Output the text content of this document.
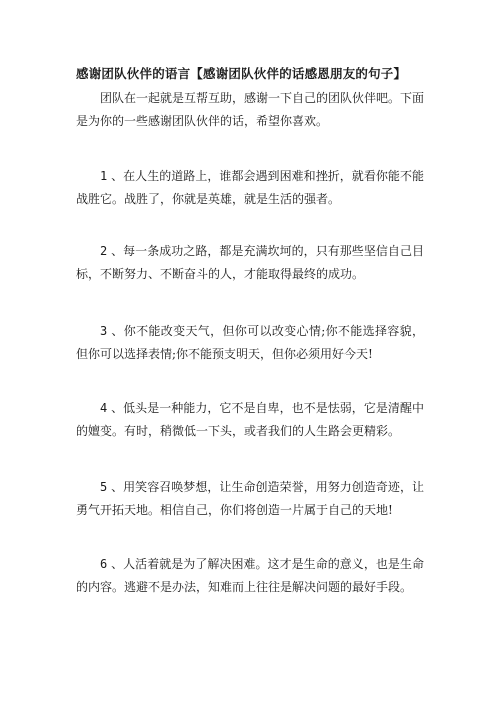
感谢团队伙伴的语言【感谢团队伙伴的话感恩朋友的句子】

团队在一起就是互帮互助，感谢一下自己的团队伙伴吧。下面是为你的一些感谢团队伙伴的话，希望你喜欢。

1 、在人生的道路上，谁都会遇到困难和挫折，就看你能不能战胜它。战胜了，你就是英雄，就是生活的强者。

2 、每一条成功之路，都是充满坎坷的，只有那些坚信自己目标，不断努力、不断奋斗的人，才能取得最终的成功。

3 、你不能改变天气，但你可以改变心情;你不能选择容貌，但你可以选择表情;你不能预支明天，但你必须用好今天!

4 、低头是一种能力，它不是自卑，也不是怯弱，它是清醒中的嬗变。有时，稍微低一下头，或者我们的人生路会更精彩。

5 、用笑容召唤梦想，让生命创造荣誉，用努力创造奇迹，让勇气开拓天地。相信自己，你们将创造一片属于自己的天地!

6 、人活着就是为了解决困难。这才是生命的意义，也是生命的内容。逃避不是办法，知难而上往往是解决问题的最好手段。
